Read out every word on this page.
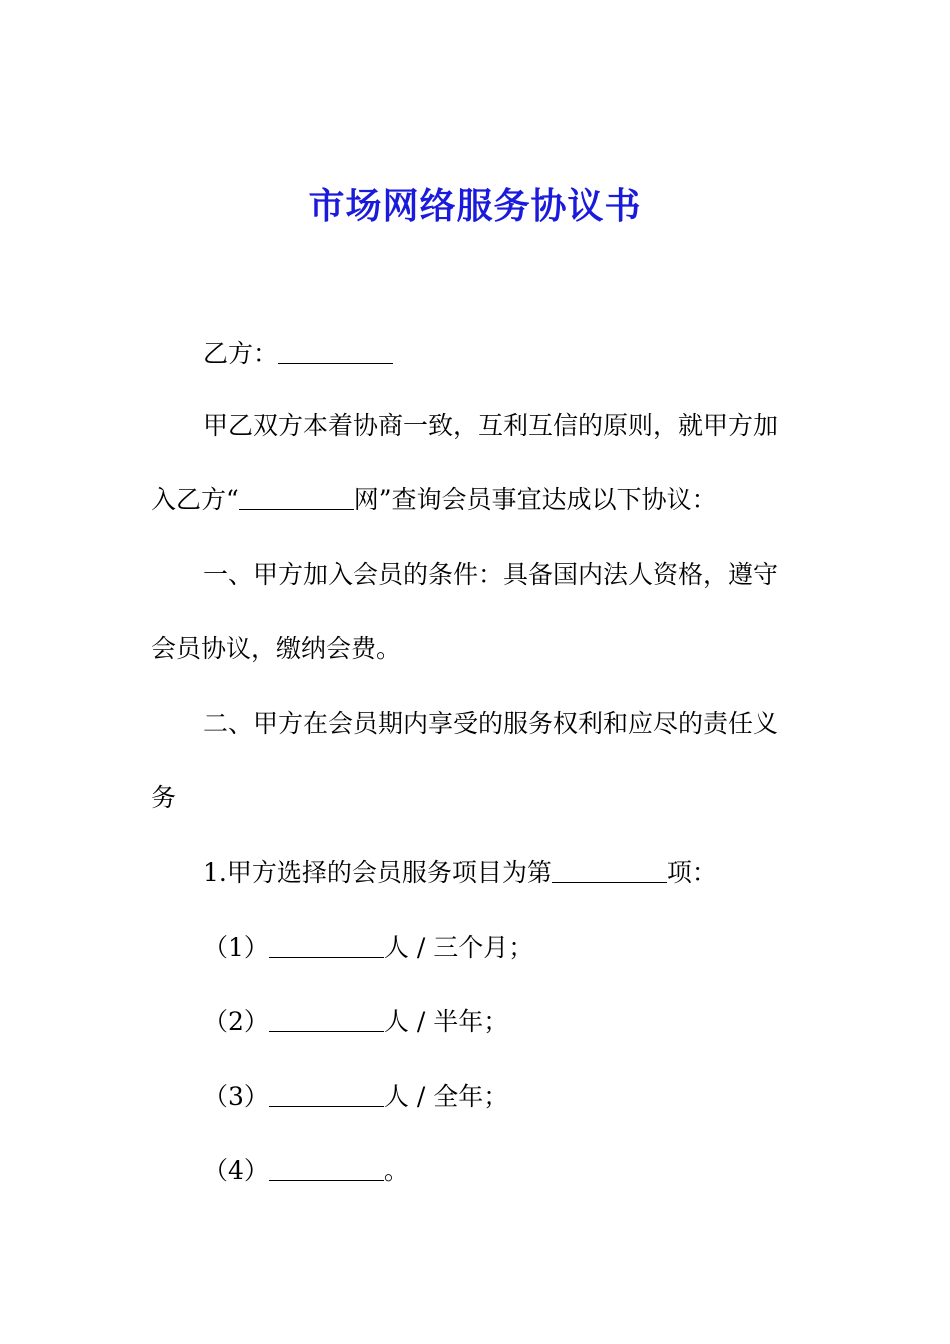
市场网络服务协议书
乙方：
甲乙双方本着协商一致，互利互信的原则，就甲方加
入乙方“	网”查询会员事宜达成以下协议：
一、甲方加入会员的条件：具备国内法人资格，遵守
会员协议，缴纳会费。
二、甲方在会员期内享受的服务权利和应尽的责任义
务
1.甲方选择的会员服务项目为第	项：
（1）	人 / 三个月；
（2）	人 / 半年；
（3）	人 / 全年；
（4）	。
